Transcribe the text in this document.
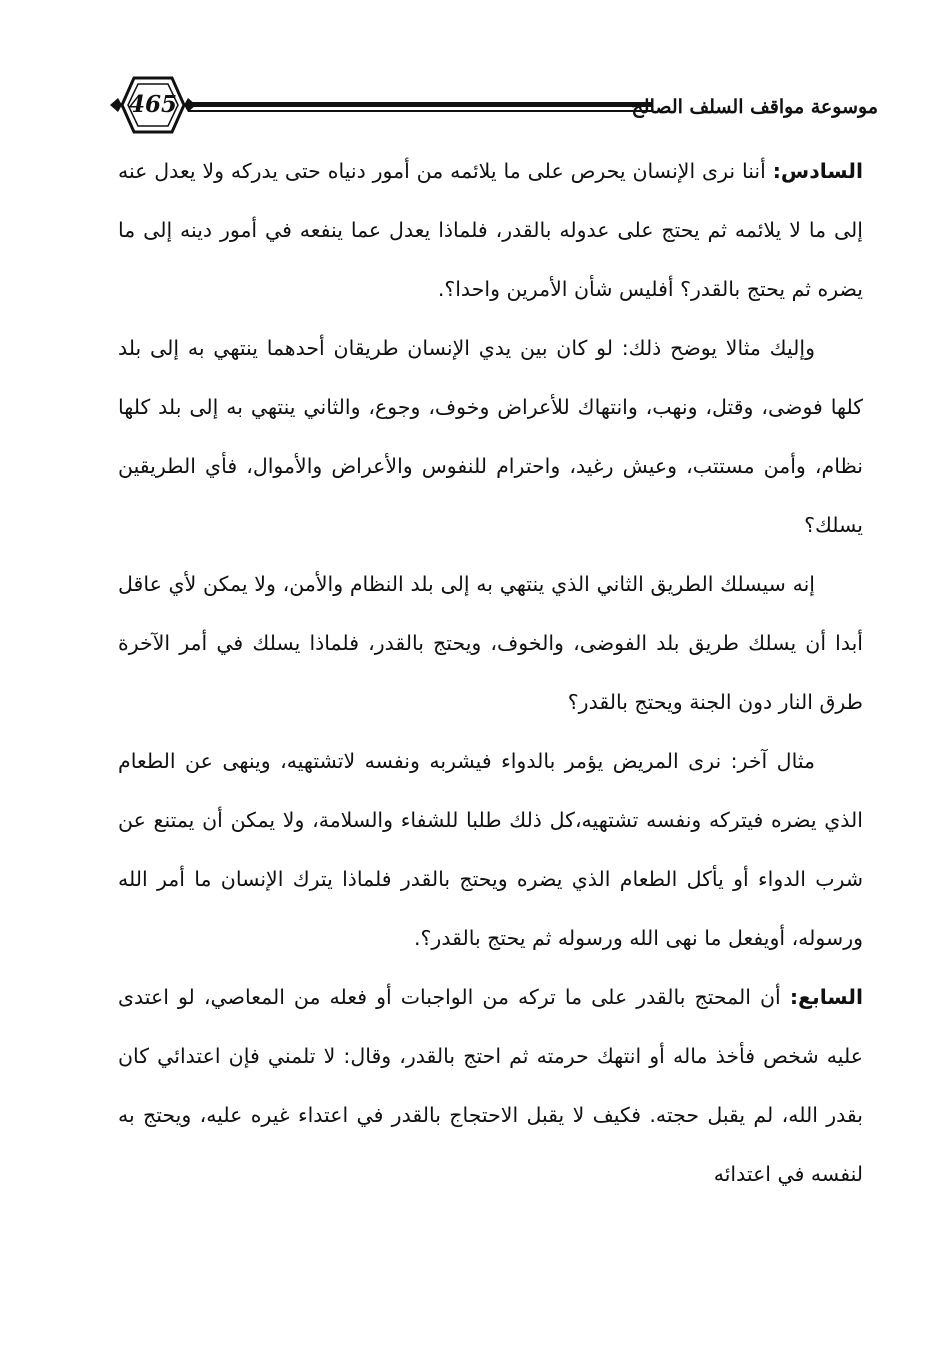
465	موسوعة مواقف السلف الصالح

السادس: أننا نرى الإنسان يحرص على ما يلائمه من أمور دنياه حتى يدركه ولا يعدل عنه إلى ما لا يلائمه ثم يحتج على عدوله بالقدر، فلماذا يعدل عما ينفعه في أمور دينه إلى ما يضره ثم يحتج بالقدر؟ أفليس شأن الأمرين واحدا؟.

وإليك مثالا يوضح ذلك: لو كان بين يدي الإنسان طريقان أحدهما ينتهي به إلى بلد كلها فوضى، وقتل، ونهب، وانتهاك للأعراض وخوف، وجوع، والثاني ينتهي به إلى بلد كلها نظام، وأمن مستتب، وعيش رغيد، واحترام للنفوس والأعراض والأموال، فأي الطريقين يسلك؟

إنه سيسلك الطريق الثاني الذي ينتهي به إلى بلد النظام والأمن، ولا يمكن لأي عاقل أبدا أن يسلك طريق بلد الفوضى، والخوف، ويحتج بالقدر، فلماذا يسلك في أمر الآخرة طرق النار دون الجنة ويحتج بالقدر؟

مثال آخر: نرى المريض يؤمر بالدواء فيشربه ونفسه لاتشتهيه، وينهى عن الطعام الذي يضره فيتركه ونفسه تشتهيه،كل ذلك طلبا للشفاء والسلامة، ولا يمكن أن يمتنع عن شرب الدواء أو يأكل الطعام الذي يضره ويحتج بالقدر فلماذا يترك الإنسان ما أمر الله ورسوله، أويفعل ما نهى الله ورسوله ثم يحتج بالقدر؟.

السابع: أن المحتج بالقدر على ما تركه من الواجبات أو فعله من المعاصي، لو اعتدى عليه شخص فأخذ ماله أو انتهك حرمته ثم احتج بالقدر، وقال: لا تلمني فإن اعتدائي كان بقدر الله، لم يقبل حجته. فكيف لا يقبل الاحتجاج بالقدر في اعتداء غيره عليه، ويحتج به لنفسه في اعتدائه
